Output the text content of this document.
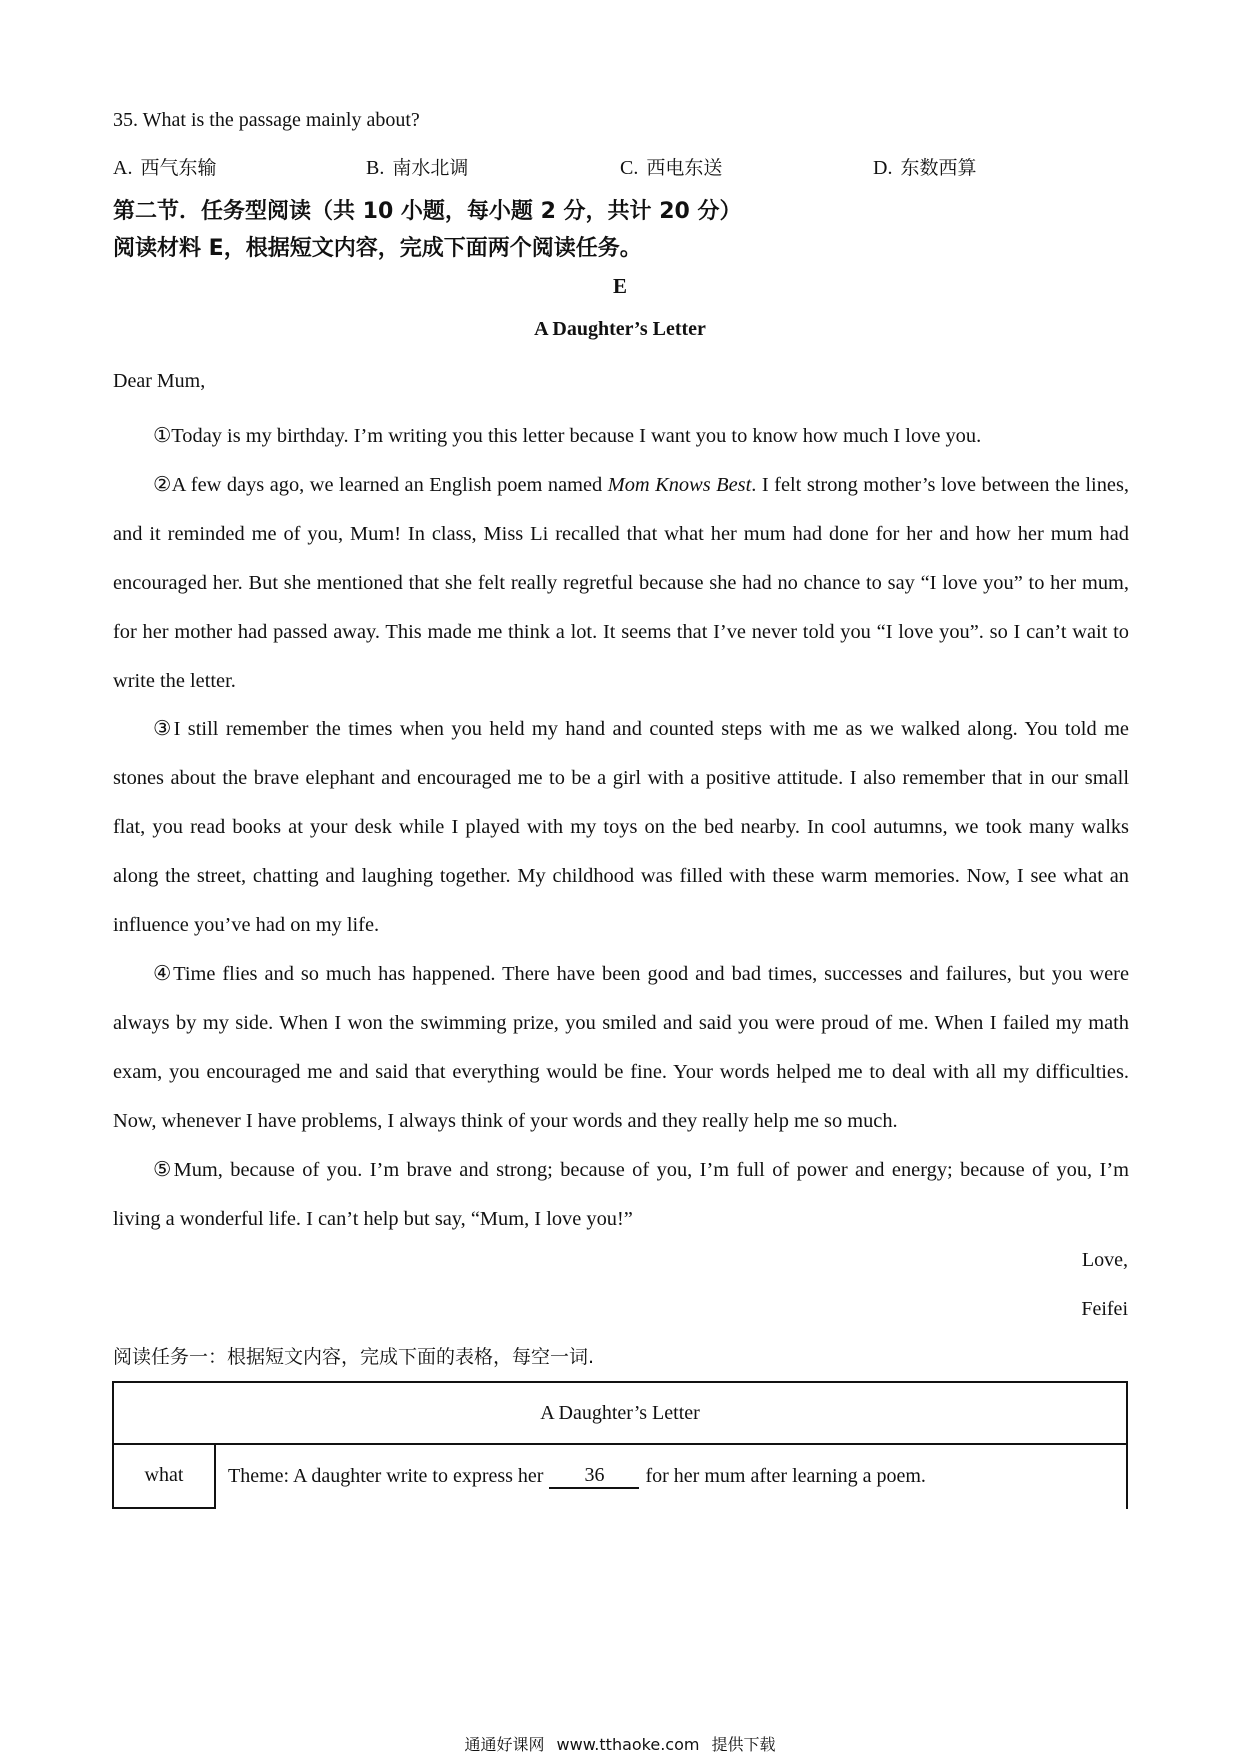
35. What is the passage mainly about?
A. 西气东输	B. 南水北调	C. 西电东送	D. 东数西算
第二节．任务型阅读（共 10 小题，每小题 2 分，共计 20 分）
阅读材料 E，根据短文内容，完成下面两个阅读任务。
E
A Daughter’s Letter
Dear Mum,

①Today is my birthday. I’m writing you this letter because I want you to know how much I love you.

②A few days ago, we learned an English poem named Mom Knows Best. I felt strong mother’s love between the lines, and it reminded me of you, Mum! In class, Miss Li recalled that what her mum had done for her and how her mum had encouraged her. But she mentioned that she felt really regretful because she had no chance to say “I love you” to her mum, for her mother had passed away. This made me think a lot. It seems that I’ve never told you “I love you”. so I can’t wait to write the letter.

③I still remember the times when you held my hand and counted steps with me as we walked along. You told me stones about the brave elephant and encouraged me to be a girl with a positive attitude. I also remember that in our small flat, you read books at your desk while I played with my toys on the bed nearby. In cool autumns, we took many walks along the street, chatting and laughing together. My childhood was filled with these warm memories. Now, I see what an influence you’ve had on my life.

④Time flies and so much has happened. There have been good and bad times, successes and failures, but you were always by my side. When I won the swimming prize, you smiled and said you were proud of me. When I failed my math exam, you encouraged me and said that everything would be fine. Your words helped me to deal with all my difficulties. Now, whenever I have problems, I always think of your words and they really help me so much.

⑤Mum, because of you. I’m brave and strong; because of you, I’m full of power and energy; because of you, I’m living a wonderful life. I can’t help but say, “Mum, I love you!”

Love,
Feifei
阅读任务一：根据短文内容，完成下面的表格，每空一词.
A Daughter’s Letter
what	Theme: A daughter write to express her	36	for her mum after learning a poem.
通通好课网 www.tthaoke.com 提供下载
